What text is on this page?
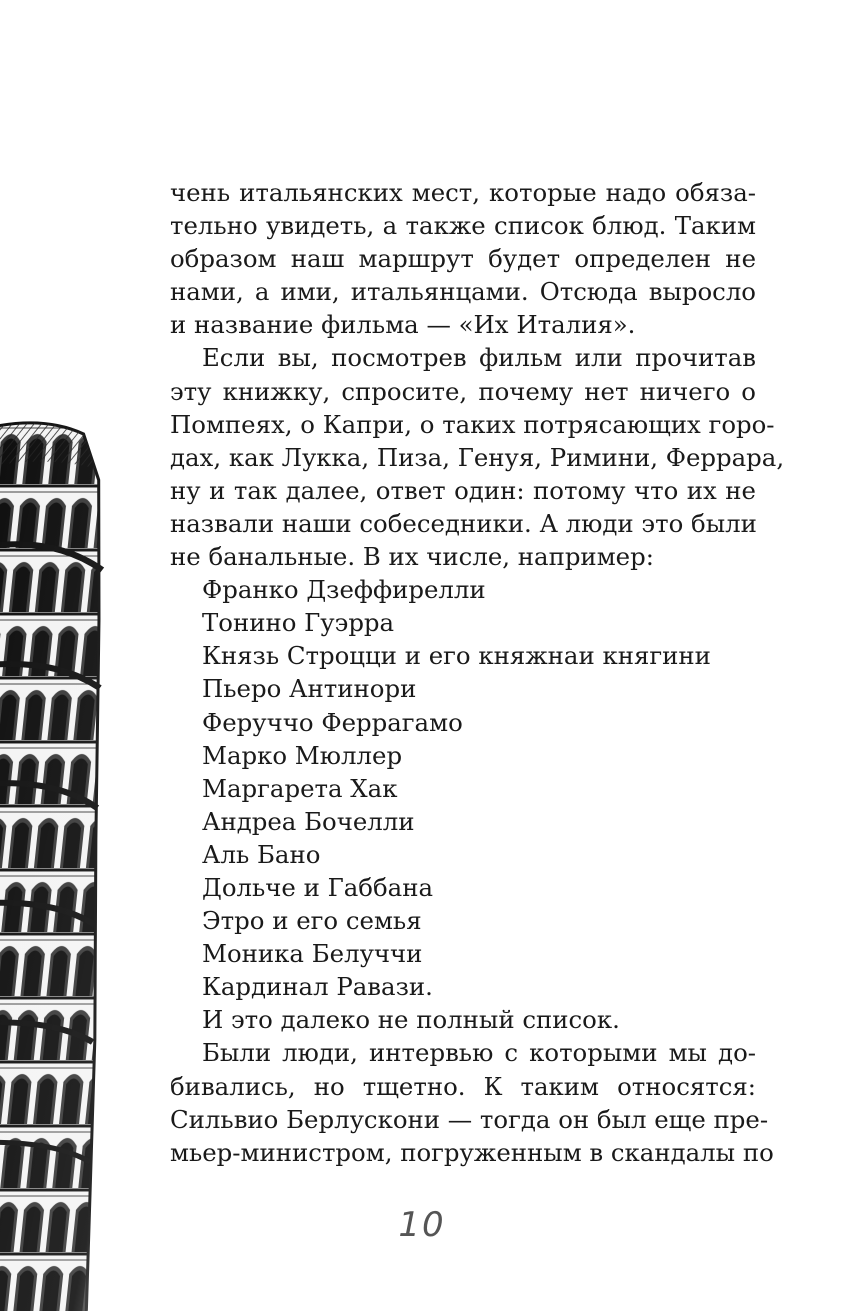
чень итальянских мест, которые надо обяза-
тельно увидеть, а также список блюд. Таким
образом наш маршрут будет определен не
нами, а ими, итальянцами. Отсюда выросло
и название фильма — «Их Италия».

Если вы, посмотрев фильм или прочитав
эту книжку, спросите, почему нет ничего о
Помпеях, о Капри, о таких потрясающих горо-
дах, как Лукка, Пиза, Генуя, Римини, Феррара,
ну и так далее, ответ один: потому что их не
назвали наши собеседники. А люди это были
не банальные. В их числе, например:

Франко Дзеффирелли
Тонино Гуэрра
Князь Строцци и его княжнаи княгини
Пьеро Антинори
Феруччо Феррагамо
Марко Мюллер
Маргарета Хак
Андреа Бочелли
Аль Бано
Дольче и Габбана
Этро и его семья
Моника Белуччи
Кардинал Равази.
И это далеко не полный список.

Были люди, интервью с которыми мы до-
бивались, но тщетно. К таким относятся:
Сильвио Берлускони — тогда он был еще пре-
мьер-министром, погруженным в скандалы по

10
